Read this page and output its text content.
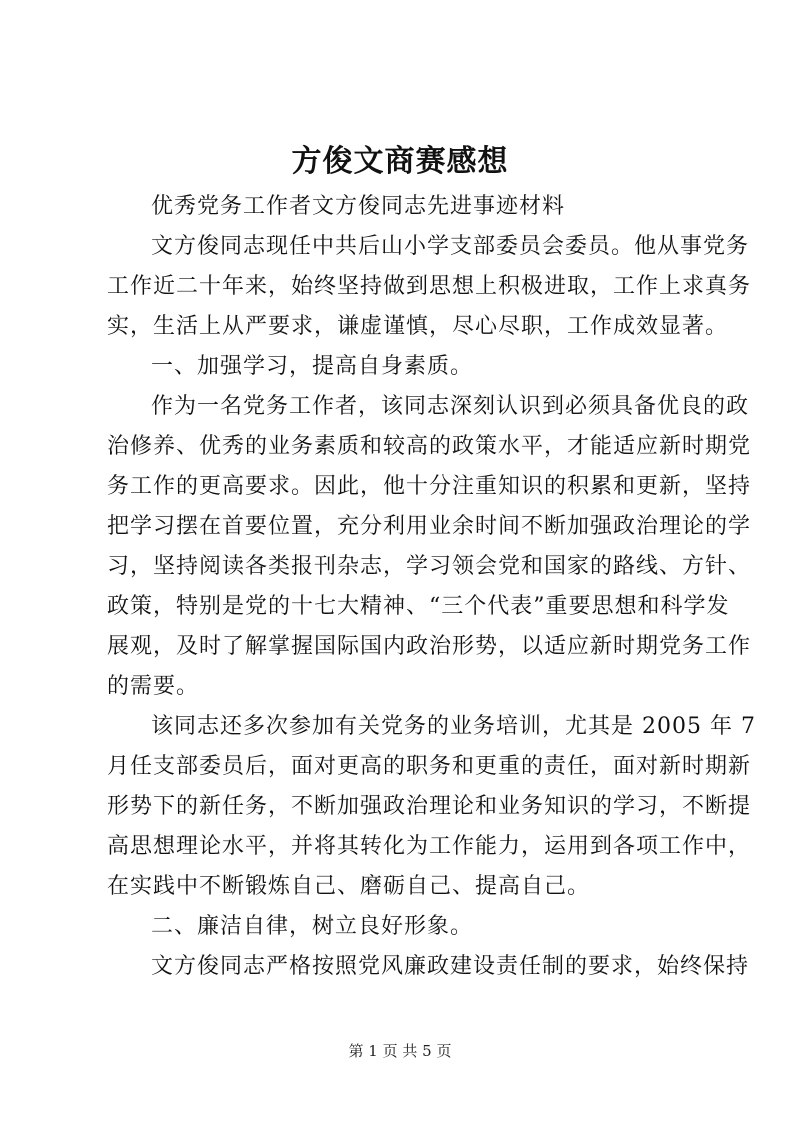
方俊文商赛感想
优秀党务工作者文方俊同志先进事迹材料
文方俊同志现任中共后山小学支部委员会委员。他从事党务
工作近二十年来，始终坚持做到思想上积极进取，工作上求真务
实，生活上从严要求，谦虚谨慎，尽心尽职，工作成效显著。
一、加强学习，提高自身素质。
作为一名党务工作者，该同志深刻认识到必须具备优良的政
治修养、优秀的业务素质和较高的政策水平，才能适应新时期党
务工作的更高要求。因此，他十分注重知识的积累和更新，坚持
把学习摆在首要位置，充分利用业余时间不断加强政治理论的学
习，坚持阅读各类报刊杂志，学习领会党和国家的路线、方针、
政策，特别是党的十七大精神、“三个代表”重要思想和科学发
展观，及时了解掌握国际国内政治形势，以适应新时期党务工作
的需要。
该同志还多次参加有关党务的业务培训，尤其是 2005 年 7
月任支部委员后，面对更高的职务和更重的责任，面对新时期新
形势下的新任务，不断加强政治理论和业务知识的学习，不断提
高思想理论水平，并将其转化为工作能力，运用到各项工作中，
在实践中不断锻炼自己、磨砺自己、提高自己。
二、廉洁自律，树立良好形象。
文方俊同志严格按照党风廉政建设责任制的要求，始终保持
第 1 页 共 5 页
